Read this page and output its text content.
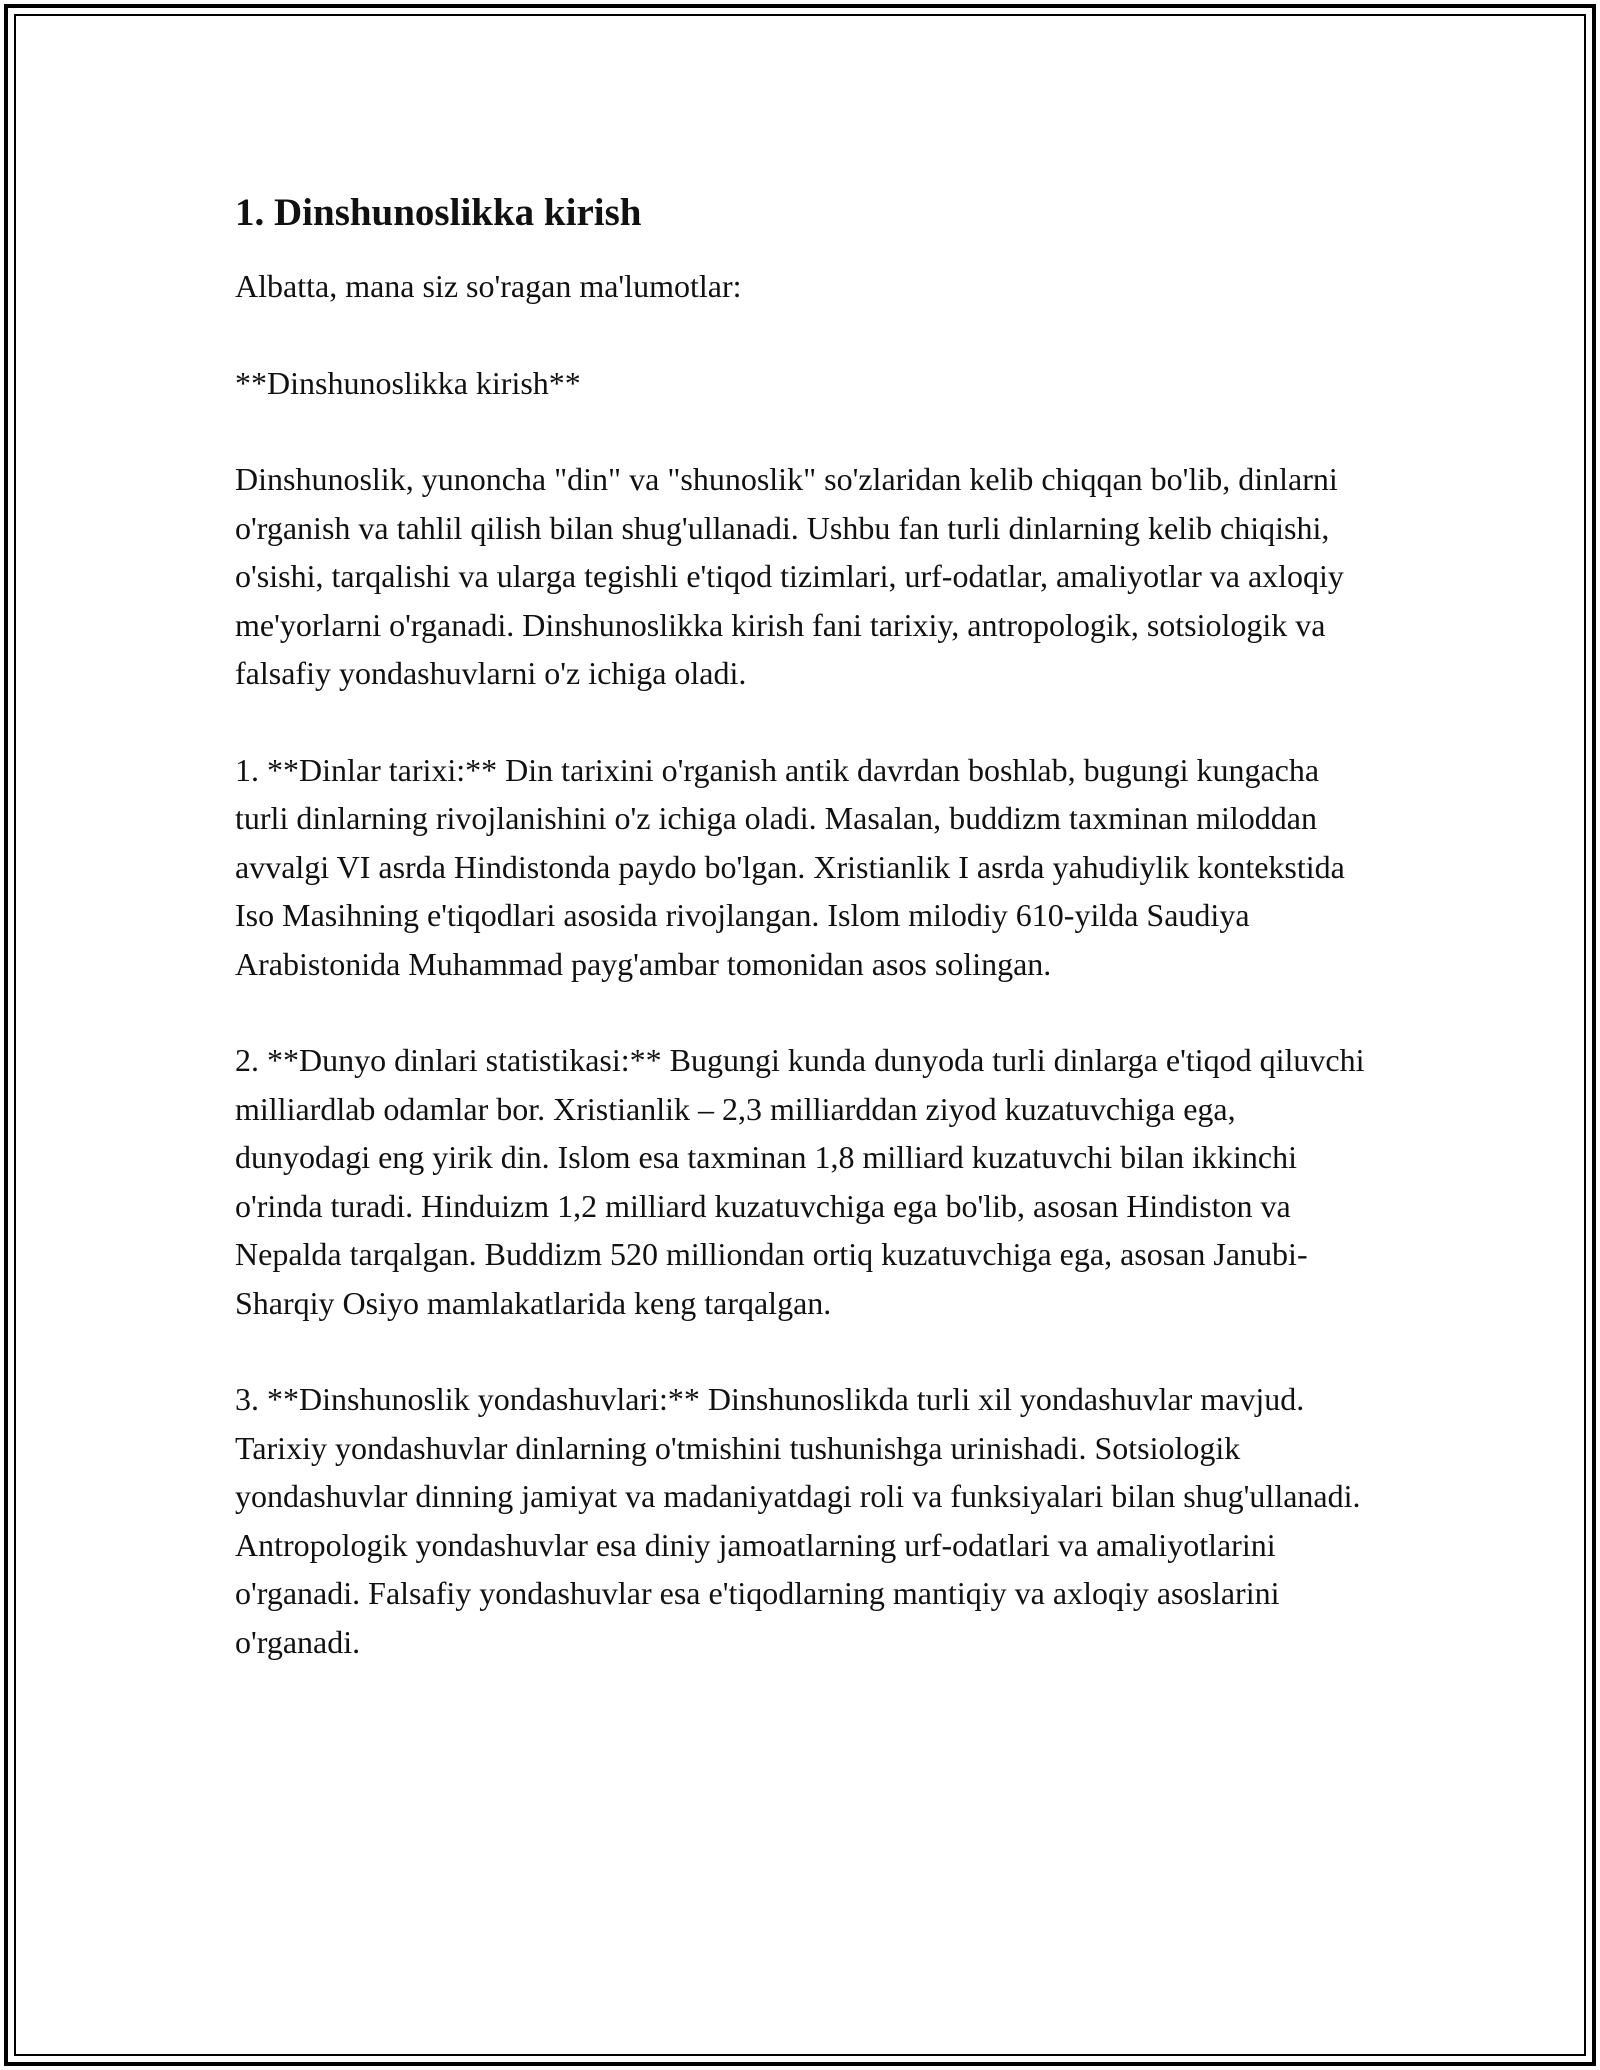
1. Dinshunoslikka kirish

Albatta, mana siz so'ragan ma'lumotlar:

**Dinshunoslikka kirish**

Dinshunoslik, yunoncha "din" va "shunoslik" so'zlaridan kelib chiqqan bo'lib, dinlarni o'rganish va tahlil qilish bilan shug'ullanadi. Ushbu fan turli dinlarning kelib chiqishi, o'sishi, tarqalishi va ularga tegishli e'tiqod tizimlari, urf-odatlar, amaliyotlar va axloqiy me'yorlarni o'rganadi. Dinshunoslikka kirish fani tarixiy, antropologik, sotsiologik va falsafiy yondashuvlarni o'z ichiga oladi.

1. **Dinlar tarixi:** Din tarixini o'rganish antik davrdan boshlab, bugungi kungacha turli dinlarning rivojlanishini o'z ichiga oladi. Masalan, buddizm taxminan miloddan avvalgi VI asrda Hindistonda paydo bo'lgan. Xristianlik I asrda yahudiylik kontekstida Iso Masihning e'tiqodlari asosida rivojlangan. Islom milodiy 610-yilda Saudiya Arabistonida Muhammad payg'ambar tomonidan asos solingan.

2. **Dunyo dinlari statistikasi:** Bugungi kunda dunyoda turli dinlarga e'tiqod qiluvchi milliardlab odamlar bor. Xristianlik – 2,3 milliarddan ziyod kuzatuvchiga ega, dunyodagi eng yirik din. Islom esa taxminan 1,8 milliard kuzatuvchi bilan ikkinchi o'rinda turadi. Hinduizm 1,2 milliard kuzatuvchiga ega bo'lib, asosan Hindiston va Nepalda tarqalgan. Buddizm 520 milliondan ortiq kuzatuvchiga ega, asosan Janubi-Sharqiy Osiyo mamlakatlarida keng tarqalgan.

3. **Dinshunoslik yondashuvlari:** Dinshunoslikda turli xil yondashuvlar mavjud. Tarixiy yondashuvlar dinlarning o'tmishini tushunishga urinishadi. Sotsiologik yondashuvlar dinning jamiyat va madaniyatdagi roli va funksiyalari bilan shug'ullanadi. Antropologik yondashuvlar esa diniy jamoatlarning urf-odatlari va amaliyotlarini o'rganadi. Falsafiy yondashuvlar esa e'tiqodlarning mantiqiy va axloqiy asoslarini o'rganadi.
